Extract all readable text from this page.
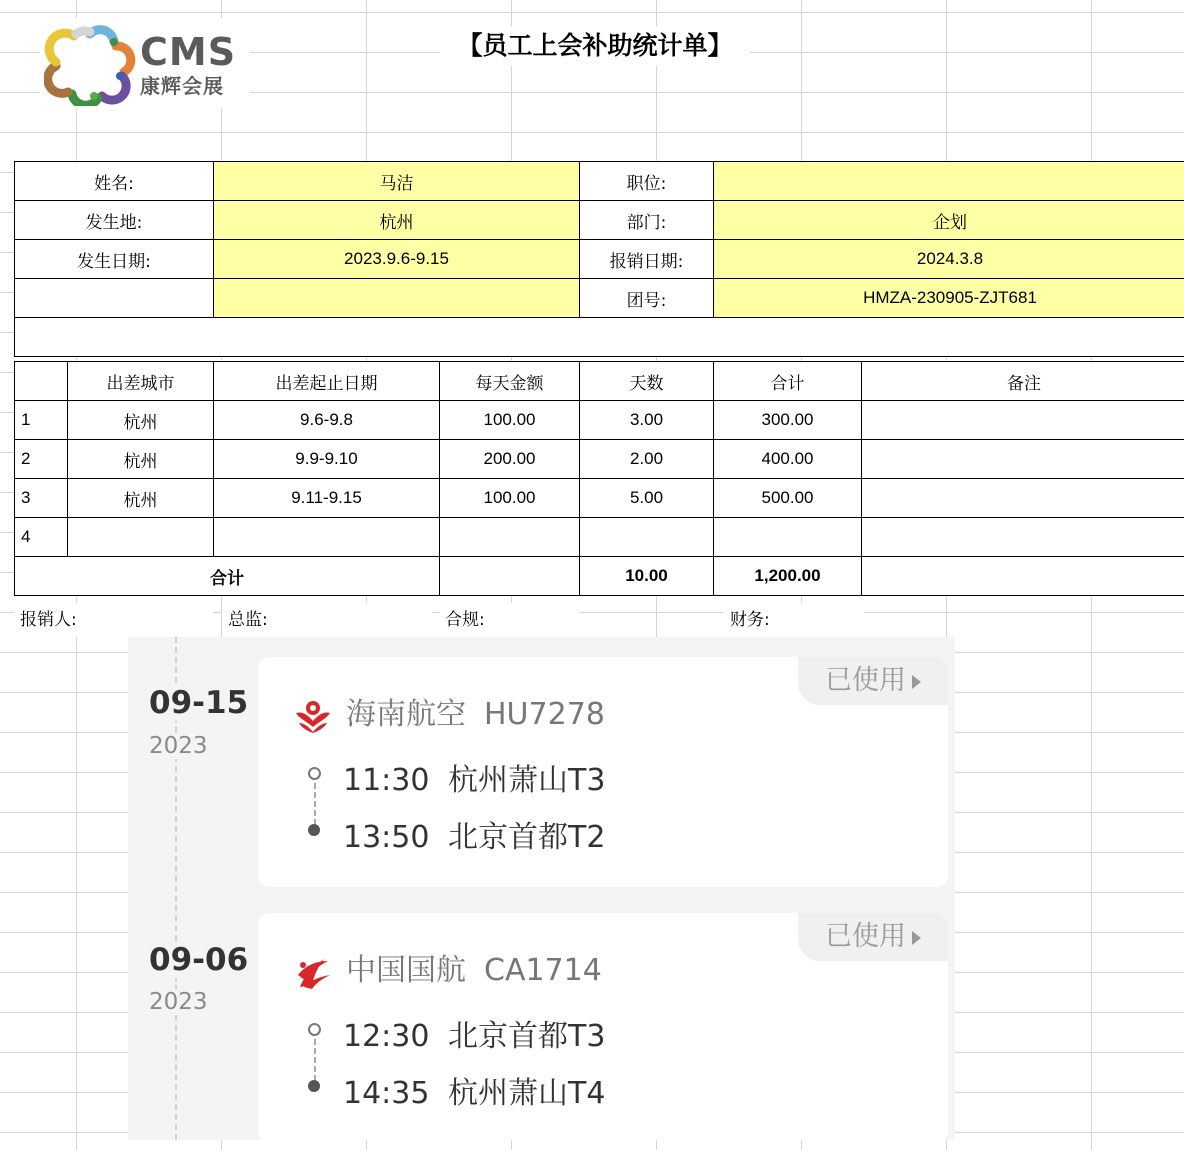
CMS
康辉会展
【员工上会补助统计单】
姓名:	马洁	职位:	
发生地:	杭州	部门:	企划
发生日期:	2023.9.6-9.15	报销日期:	2024.3.8
		团号:	HMZA-230905-ZJT681

	出差城市	出差起止日期	每天金额	天数	合计	备注
1	杭州	9.6-9.8	100.00	3.00	300.00	
2	杭州	9.9-9.10	200.00	2.00	400.00	
3	杭州	9.11-9.15	100.00	5.00	500.00	
4						
合计				10.00	1,200.00	
报销人:	总监:	合规:	财务:
09-15
2023
已使用
海南航空 HU7278
11:30 杭州萧山T3
13:50 北京首都T2
09-06
2023
已使用
中国国航 CA1714
12:30 北京首都T3
14:35 杭州萧山T4
